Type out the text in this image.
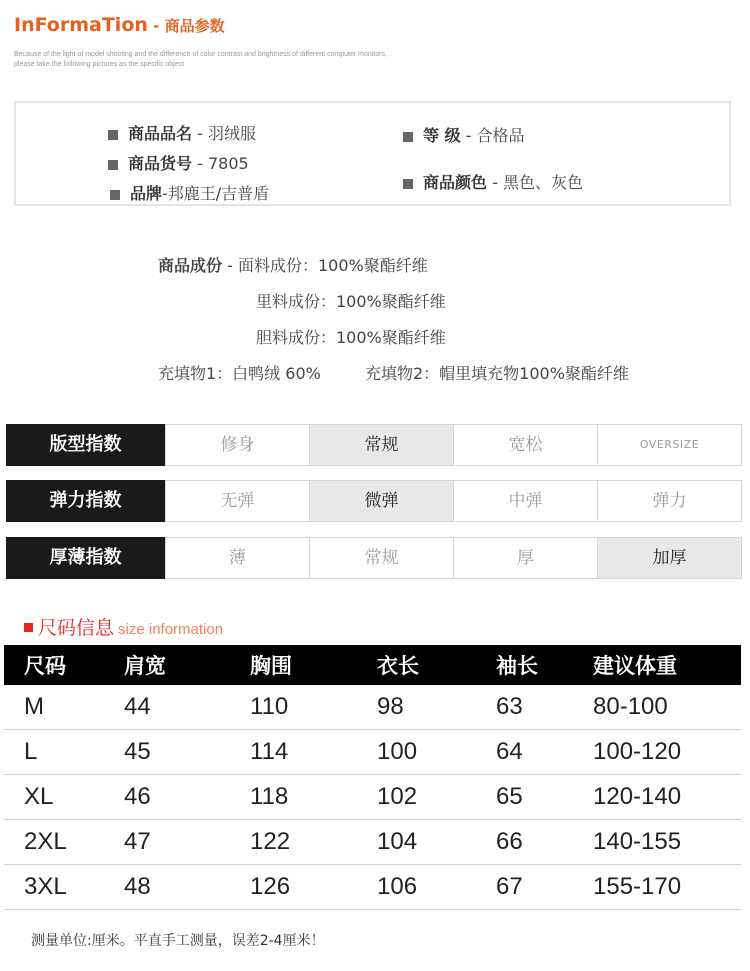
InFormaTion - 商品参数
Because of the light of model shooting and the difference of color contrast and brightness of different computer monitors,
please take the following pictures as the specific object
商品品名 - 羽绒服
商品货号 - 7805
品牌-邦鹿王/吉普盾
等 级 - 合格品
商品颜色 - 黑色、灰色
商品成份 - 面料成份：100%聚酯纤维
里料成份：100%聚酯纤维
胆料成份：100%聚酯纤维
充填物1：白鸭绒 60%	充填物2：帽里填充物100%聚酯纤维
版型指数	修身	常规	宽松	OVERSIZE
弹力指数	无弹	微弹	中弹	弹力
厚薄指数	薄	常规	厚	加厚
尺码信息 size information
尺码	肩宽	胸围	衣长	袖长	建议体重
M	44	110	98	63	80-100
L	45	114	100	64	100-120
XL	46	118	102	65	120-140
2XL	47	122	104	66	140-155
3XL	48	126	106	67	155-170
测量单位:厘米。平直手工测量，误差2-4厘米！
